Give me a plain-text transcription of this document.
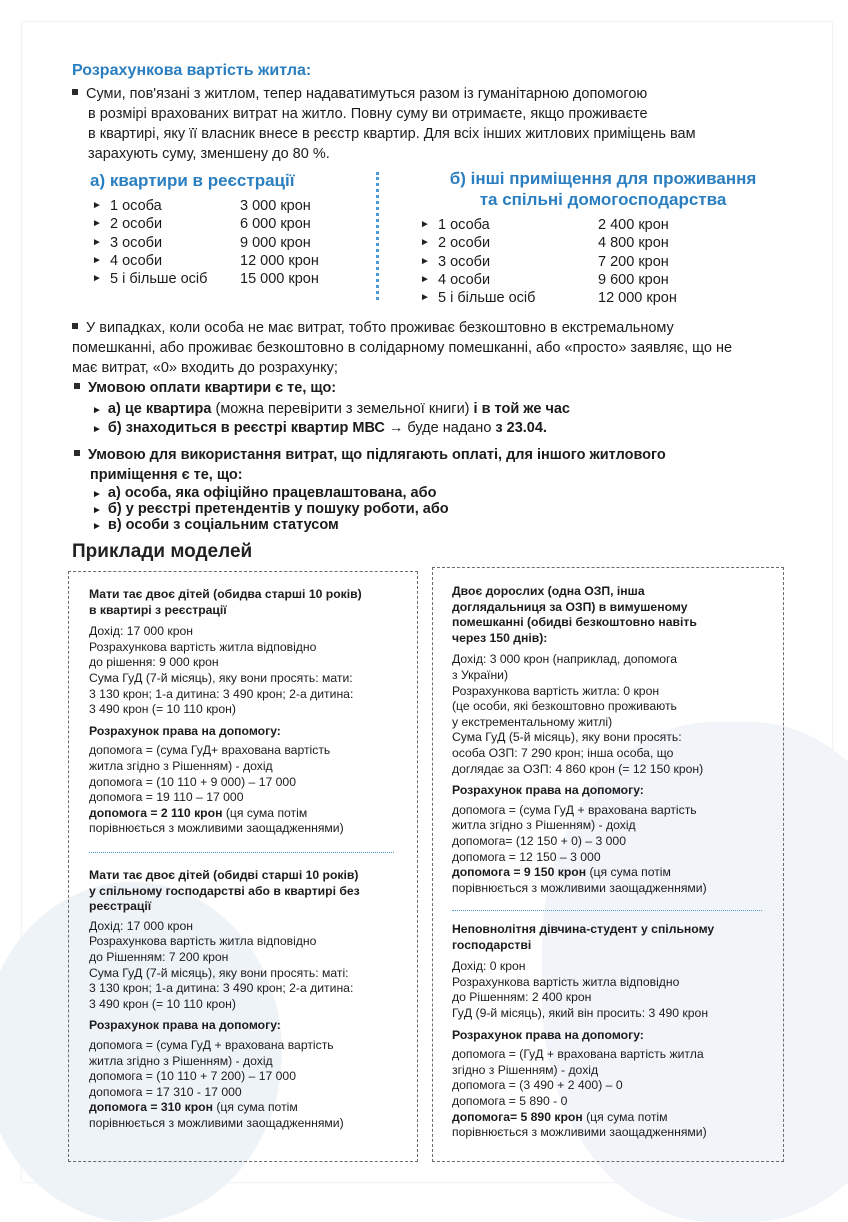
Розрахункова вартість житла:
Суми, пов'язані з житлом, тепер надаватимуться разом із гуманітарною допомогою
в розмірі врахованих витрат на житло. Повну суму ви отримаєте, якщо проживаєте
в квартирі, яку її власник внесе в реєстр квартир. Для всіх інших житлових приміщень вам
зарахують суму, зменшену до 80 %.
а) квартири в реєстрації
► 1 особа	3 000 крон
► 2 особи	6 000 крон
► 3 особи	9 000 крон
► 4 особи	12 000 крон
► 5 і більше осіб	15 000 крон
б) інші приміщення для проживання
та спільні домогосподарства
► 1 особа	2 400 крон
► 2 особи	4 800 крон
► 3 особи	7 200 крон
► 4 особи	9 600 крон
► 5 і більше осіб	12 000 крон
У випадках, коли особа не має витрат, тобто проживає безкоштовно в екстремальному
помешканні, або проживає безкоштовно в солідарному помешканні, або «просто» заявляє, що не
має витрат, «0» входить до розрахунку;
Умовою оплати квартири є те, що:
► а) це квартира (можна перевірити з земельної книги) і в той же час
► б) знаходиться в реєстрі квартир МВС → буде надано з 23.04.
Умовою для використання витрат, що підлягають оплаті, для іншого житлового
приміщення є те, що:
► а) особа, яка офіційно працевлаштована, або
► б) у реєстрі претендентів у пошуку роботи, або
► в) особи з соціальним статусом
Приклади моделей

Мати тає двоє дітей (обидва старші 10 років)

в квартирі з реєстрації

Дохід: 17 000 крон

Розрахункова вартість житла відповідно

до рішення: 9 000 крон

Сума ГуД (7-й місяць), яку вони просять: мати:

3 130 крон; 1-а дитина: 3 490 крон; 2-а дитина:

3 490 крон (= 10 110 крон)

Розрахунок права на допомогу:

допомога = (сума ГуД+ врахована вартість

житла згідно з Рішенням) - дохід

допомога = (10 110 + 9 000) – 17 000

допомога = 19 110 – 17 000

допомога = 2 110 крон (ця сума потім

порівнюється з можливими заощадженнями)

Мати тає двоє дітей (обидві старші 10 років)

у спільному господарстві або в квартирі без

реєстрації

Дохід: 17 000 крон

Розрахункова вартість житла відповідно

до Рішенням: 7 200 крон

Сума ГуД (7-й місяць), яку вони просять: маті:

3 130 крон; 1-а дитина: 3 490 крон; 2-а дитина:

3 490 крон (= 10 110 крон)

Розрахунок права на допомогу:

допомога = (сума ГуД + врахована вартість

житла згідно з Рішенням) - дохід

допомога = (10 110 + 7 200) – 17 000

допомога = 17 310 - 17 000

допомога = 310 крон (ця сума потім

порівнюється з можливими заощадженнями)

Двоє дорослих (одна ОЗП, інша

доглядальниця за ОЗП) в вимушеному

помешканні (обидві безкоштовно навіть

через 150 днів):

Дохід: 3 000 крон (наприклад, допомога

з України)

Розрахункова вартість житла: 0 крон

(це особи, які безкоштовно проживають

у екстрементальному житлі)

Сума ГуД (5-й місяць), яку вони просять:

особа ОЗП: 7 290 крон; інша особа, що

доглядає за ОЗП: 4 860 крон (= 12 150 крон)

Розрахунок права на допомогу:

допомога = (сума ГуД + врахована вартість

житла згідно з Рішенням) - дохід

допомога= (12 150 + 0) – 3 000

допомога = 12 150 – 3 000

допомога = 9 150 крон (ця сума потім

порівнюється з можливими заощадженнями)

Неповнолітня дівчина-студент у спільному

господарстві

Дохід: 0 крон

Розрахункова вартість житла відповідно

до Рішенням: 2 400 крон

ГуД (9-й місяць), який він просить: 3 490 крон

Розрахунок права на допомогу:

допомога = (ГуД + врахована вартість житла

згідно з Рішенням) - дохід

допомога = (3 490 + 2 400) – 0

допомога = 5 890 - 0

допомога= 5 890 крон (ця сума потім

порівнюється з можливими заощадженнями)
